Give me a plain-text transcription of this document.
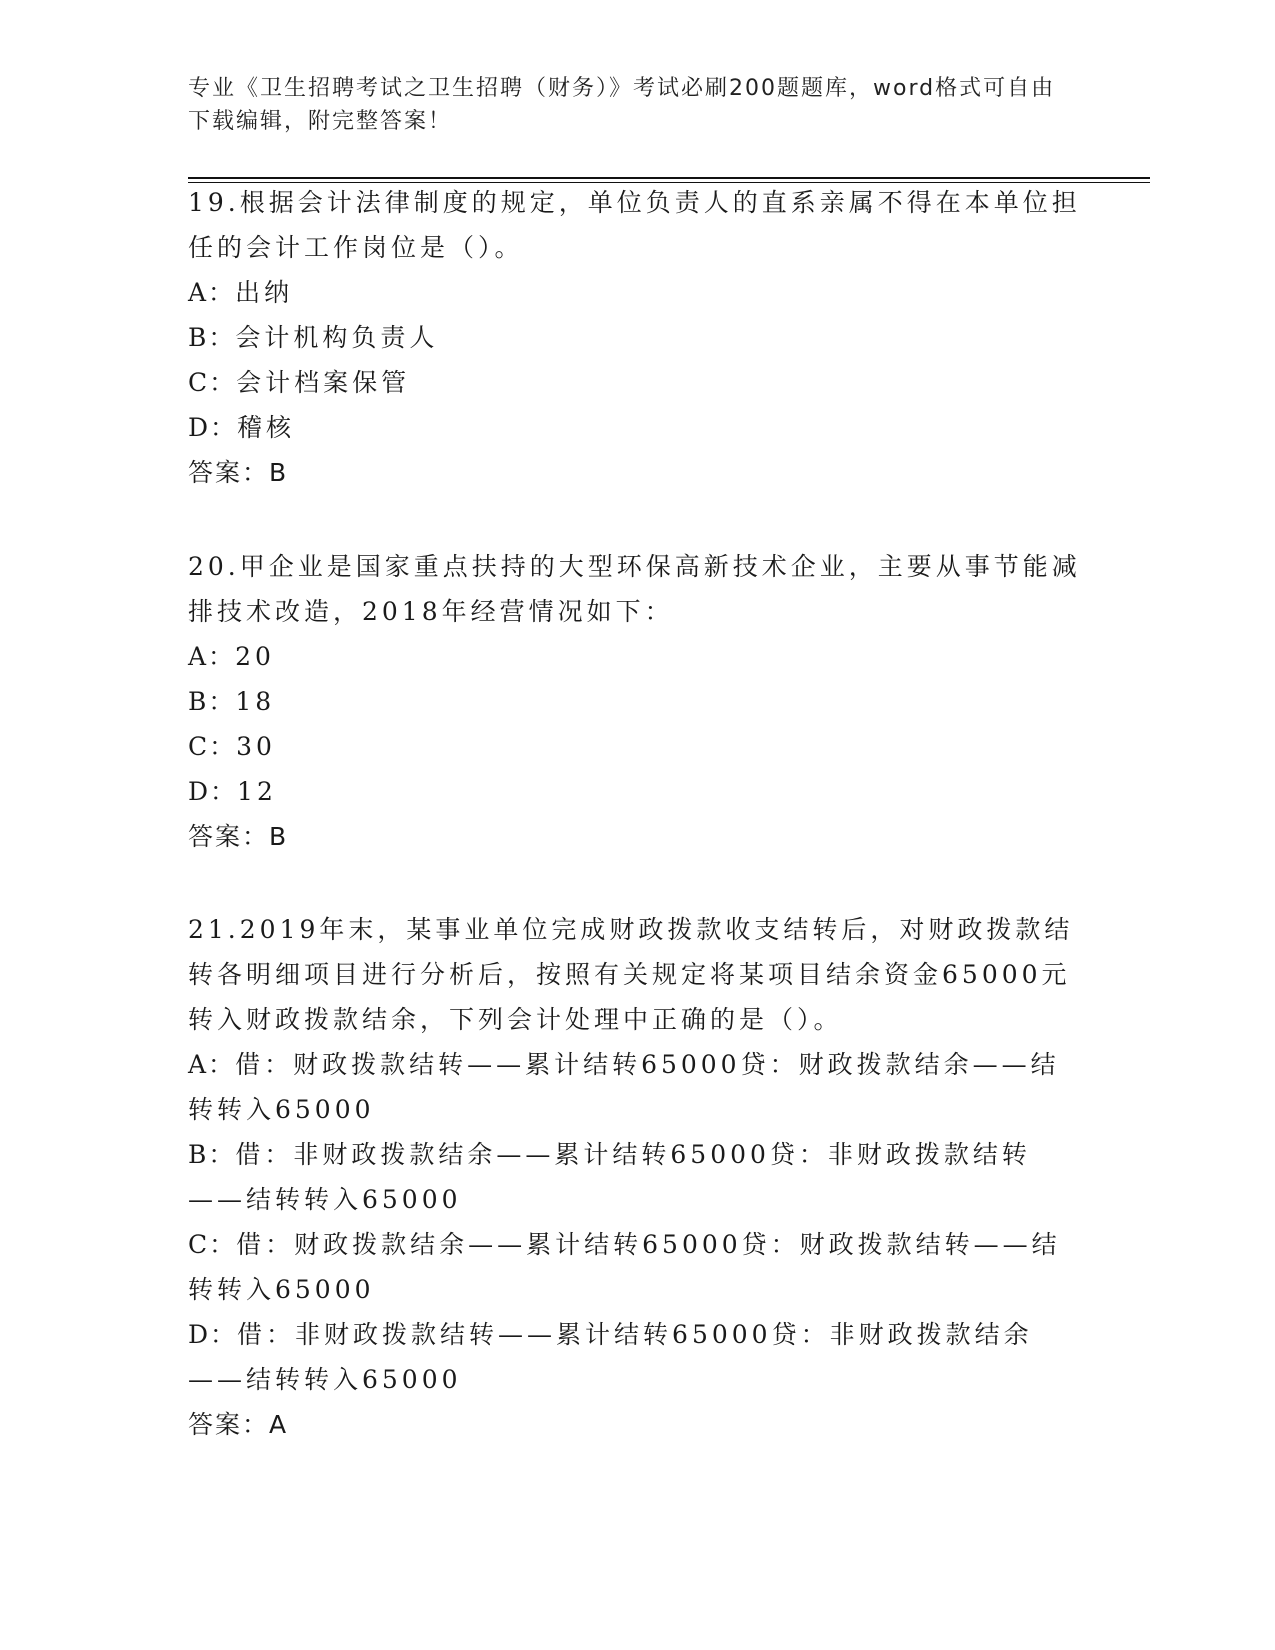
专业《卫生招聘考试之卫生招聘（财务）》考试必刷200题题库，word格式可自由下载编辑，附完整答案！

19.根据会计法律制度的规定，单位负责人的直系亲属不得在本单位担任的会计工作岗位是（）。

A：出纳

B：会计机构负责人

C：会计档案保管

D：稽核

答案：B

20.甲企业是国家重点扶持的大型环保高新技术企业，主要从事节能减排技术改造，2018年经营情况如下：

A：20

B：18

C：30

D：12

答案：B

21.2019年末，某事业单位完成财政拨款收支结转后，对财政拨款结转各明细项目进行分析后，按照有关规定将某项目结余资金65000元转入财政拨款结余，下列会计处理中正确的是（）。

A：借：财政拨款结转——累计结转65000贷：财政拨款结余——结转转入65000

B：借：非财政拨款结余——累计结转65000贷：非财政拨款结转——结转转入65000

C：借：财政拨款结余——累计结转65000贷：财政拨款结转——结转转入65000

D：借：非财政拨款结转——累计结转65000贷：非财政拨款结余——结转转入65000

答案：A
